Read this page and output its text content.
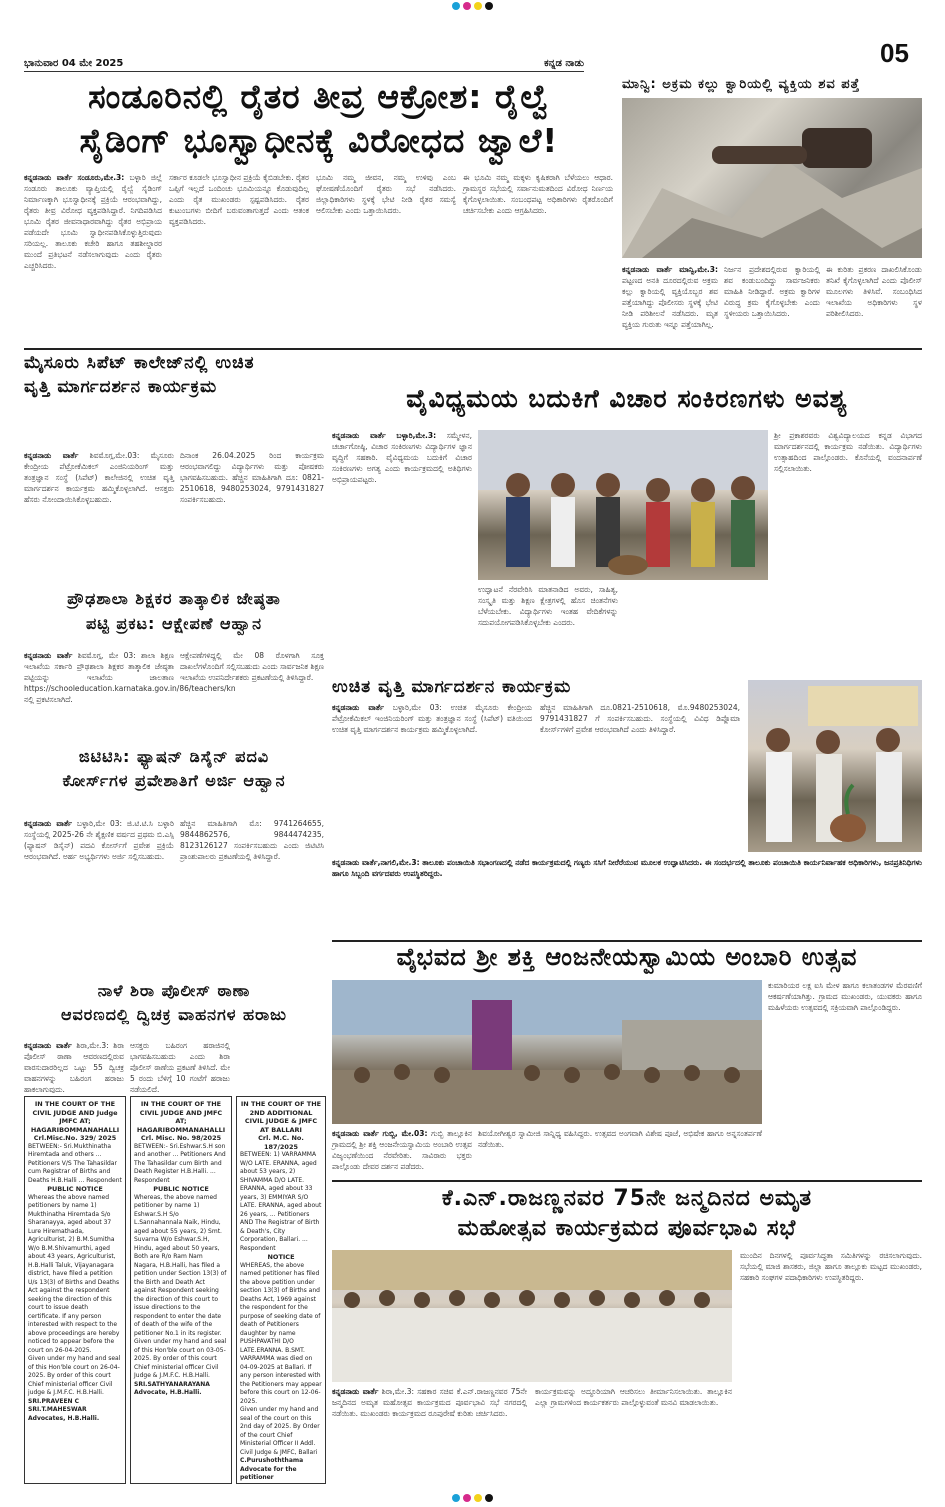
ಭಾನುವಾರ 04 ಮೇ 2025	ಕನ್ನಡ ನಾಡು	05
ಸಂಡೂರಿನಲ್ಲಿ ರೈತರ ತೀವ್ರ ಆಕ್ರೋಶ: ರೈಲ್ವೆ
ಸೈಡಿಂಗ್ ಭೂಸ್ವಾಧೀನಕ್ಕೆ ವಿರೋಧದ ಜ್ವಾಲೆ!
ಕನ್ನಡನಾಡು ವಾರ್ತೆ ಸಂಡೂರು,ಮೇ.3: ಬಳ್ಳಾರಿ ಜಿಲ್ಲೆ ಸಂಡೂರು ತಾಲೂಕು ವ್ಯಾಪ್ತಿಯಲ್ಲಿ ರೈಲ್ವೆ ಸೈಡಿಂಗ್ ನಿರ್ಮಾಣಕ್ಕಾಗಿ ಭೂಸ್ವಾಧೀನಕ್ಕೆ ಪ್ರಕ್ರಿಯೆ ಆರಂಭವಾಗಿದ್ದು, ರೈತರು ತೀವ್ರ ವಿರೋಧ ವ್ಯಕ್ತಪಡಿಸಿದ್ದಾರೆ. ನಿಗದಿಪಡಿಸಿದ ಭೂಮಿ ರೈತರ ಜೀವನಾಧಾರವಾಗಿದ್ದು ರೈತರ ಅಭಿಪ್ರಾಯ ಪಡೆಯದೇ ಭೂಮಿ ಸ್ವಾಧೀನಪಡಿಸಿಕೊಳ್ಳುತ್ತಿರುವುದು ಸರಿಯಲ್ಲ. ತಾಲೂಕು ಕಚೇರಿ ಹಾಗೂ ತಹಶೀಲ್ದಾರರ ಮುಂದೆ ಪ್ರತಿಭಟನೆ ನಡೆಸಲಾಗುವುದು ಎಂದು ರೈತರು ಎಚ್ಚರಿಸಿದರು.
ಸರ್ಕಾರ ಕೂಡಲೇ ಭೂಸ್ವಾಧೀನ ಪ್ರಕ್ರಿಯೆ ಕೈಬಿಡಬೇಕು. ರೈತರ ಒಪ್ಪಿಗೆ ಇಲ್ಲದೆ ಒಂದಿಂಚು ಭೂಮಿಯನ್ನೂ ಕೊಡುವುದಿಲ್ಲ ಎಂದು ರೈತ ಮುಖಂಡರು ಸ್ಪಷ್ಟಪಡಿಸಿದರು. ರೈತರ ಕುಟುಂಬಗಳು ಬೀದಿಗೆ ಬರುವಂತಾಗುತ್ತದೆ ಎಂದು ಆತಂಕ ವ್ಯಕ್ತಪಡಿಸಿದರು.
ಭೂಮಿ ನಮ್ಮ ಜೀವನ, ನಮ್ಮ ಉಳಿವು ಎಂಬ ಘೋಷಣೆಯೊಂದಿಗೆ ರೈತರು ಸಭೆ ನಡೆಸಿದರು. ಜಿಲ್ಲಾಧಿಕಾರಿಗಳು ಸ್ಥಳಕ್ಕೆ ಭೇಟಿ ನೀಡಿ ರೈತರ ಸಮಸ್ಯೆ ಆಲಿಸಬೇಕು ಎಂದು ಒತ್ತಾಯಿಸಿದರು.
ಈ ಭೂಮಿ ನಮ್ಮ ಮಕ್ಕಳು ಕೃಷಿಕರಾಗಿ ಬೆಳೆಯಲು ಆಧಾರ. ಗ್ರಾಮಸ್ಥರ ಸಭೆಯಲ್ಲಿ ಸರ್ವಾನುಮತದಿಂದ ವಿರೋಧ ನಿರ್ಣಯ ಕೈಗೊಳ್ಳಲಾಯಿತು. ಸಂಬಂಧಪಟ್ಟ ಅಧಿಕಾರಿಗಳು ರೈತರೊಂದಿಗೆ ಚರ್ಚಿಸಬೇಕು ಎಂದು ಆಗ್ರಹಿಸಿದರು.
ಮಾನ್ವಿ: ಅಕ್ರಮ ಕಲ್ಲು ಕ್ವಾರಿಯಲ್ಲಿ ವ್ಯಕ್ತಿಯ ಶವ ಪತ್ತೆ
ಕನ್ನಡನಾಡು ವಾರ್ತೆ ಮಾನ್ವಿ,ಮೇ.3: ಪಟ್ಟಣದ ಅನತಿ ದೂರದಲ್ಲಿರುವ ಅಕ್ರಮ ಕಲ್ಲು ಕ್ವಾರಿಯಲ್ಲಿ ವ್ಯಕ್ತಿಯೊಬ್ಬರ ಶವ ಪತ್ತೆಯಾಗಿದ್ದು ಪೊಲೀಸರು ಸ್ಥಳಕ್ಕೆ ಭೇಟಿ ನೀಡಿ ಪರಿಶೀಲನೆ ನಡೆಸಿದರು. ಮೃತ ವ್ಯಕ್ತಿಯ ಗುರುತು ಇನ್ನೂ ಪತ್ತೆಯಾಗಿಲ್ಲ.
ನಿರ್ಜನ ಪ್ರದೇಶದಲ್ಲಿರುವ ಕ್ವಾರಿಯಲ್ಲಿ ಶವ ಕಂಡುಬಂದಿದ್ದು ಸಾರ್ವಜನಿಕರು ಮಾಹಿತಿ ನೀಡಿದ್ದಾರೆ. ಅಕ್ರಮ ಕ್ವಾರಿಗಳ ವಿರುದ್ಧ ಕ್ರಮ ಕೈಗೊಳ್ಳಬೇಕು ಎಂದು ಸ್ಥಳೀಯರು ಒತ್ತಾಯಿಸಿದರು.
ಈ ಕುರಿತು ಪ್ರಕರಣ ದಾಖಲಿಸಿಕೊಂಡು ತನಿಖೆ ಕೈಗೊಳ್ಳಲಾಗಿದೆ ಎಂದು ಪೊಲೀಸ್ ಮೂಲಗಳು ತಿಳಿಸಿವೆ. ಸಂಬಂಧಿಸಿದ ಇಲಾಖೆಯ ಅಧಿಕಾರಿಗಳು ಸ್ಥಳ ಪರಿಶೀಲಿಸಿದರು.
ಮೈಸೂರು ಸಿಪೆಟ್ ಕಾಲೇಜ್‌ನಲ್ಲಿ ಉಚಿತ
ವೃತ್ತಿ ಮಾರ್ಗದರ್ಶನ ಕಾರ್ಯಕ್ರಮ
ಕನ್ನಡನಾಡು ವಾರ್ತೆ ಶಿವಮೊಗ್ಗ,ಮೇ.03: ಮೈಸೂರು ಕೇಂದ್ರೀಯ ಪೆಟ್ರೋಕೆಮಿಕಲ್ ಎಂಜಿನಿಯರಿಂಗ್ ಮತ್ತು ತಂತ್ರಜ್ಞಾನ ಸಂಸ್ಥೆ (ಸಿಪೆಟ್) ಕಾಲೇಜಿನಲ್ಲಿ ಉಚಿತ ವೃತ್ತಿ ಮಾರ್ಗದರ್ಶನ ಕಾರ್ಯಕ್ರಮ ಹಮ್ಮಿಕೊಳ್ಳಲಾಗಿದೆ. ಆಸಕ್ತರು ಹೆಸರು ನೋಂದಾಯಿಸಿಕೊಳ್ಳಬಹುದು.
ದಿನಾಂಕ 26.04.2025 ರಿಂದ ಕಾರ್ಯಕ್ರಮ ಆರಂಭವಾಗಲಿದ್ದು ವಿದ್ಯಾರ್ಥಿಗಳು ಮತ್ತು ಪೋಷಕರು ಭಾಗವಹಿಸಬಹುದು. ಹೆಚ್ಚಿನ ಮಾಹಿತಿಗಾಗಿ ದೂ: 0821-2510618, 9480253024, 9791431827 ಸಂಪರ್ಕಿಸಬಹುದು.
ಪ್ರೌಢಶಾಲಾ ಶಿಕ್ಷಕರ ತಾತ್ಕಾಲಿಕ ಜೇಷ್ಠತಾ
ಪಟ್ಟಿ ಪ್ರಕಟ: ಆಕ್ಷೇಪಣೆ ಆಹ್ವಾನ
ಕನ್ನಡನಾಡು ವಾರ್ತೆ ಶಿವಮೊಗ್ಗ, ಮೇ 03: ಶಾಲಾ ಶಿಕ್ಷಣ ಇಲಾಖೆಯ ಸರ್ಕಾರಿ ಪ್ರೌಢಶಾಲಾ ಶಿಕ್ಷಕರ ತಾತ್ಕಾಲಿಕ ಜೇಷ್ಠತಾ ಪಟ್ಟಿಯನ್ನು ಇಲಾಖೆಯ ಜಾಲತಾಣ https://schooleducation.karnataka.gov.in/86/teachers/kn ನಲ್ಲಿ ಪ್ರಕಟಿಸಲಾಗಿದೆ.
ಆಕ್ಷೇಪಣೆಗಳಿದ್ದಲ್ಲಿ ಮೇ 08 ರೊಳಗಾಗಿ ಸೂಕ್ತ ದಾಖಲೆಗಳೊಂದಿಗೆ ಸಲ್ಲಿಸಬಹುದು ಎಂದು ಸಾರ್ವಜನಿಕ ಶಿಕ್ಷಣ ಇಲಾಖೆಯ ಉಪನಿರ್ದೇಶಕರು ಪ್ರಕಟಣೆಯಲ್ಲಿ ತಿಳಿಸಿದ್ದಾರೆ.
ಜಿಟಿಟಿಸಿ: ಫ್ಯಾಷನ್ ಡಿಸೈನ್ ಪದವಿ
ಕೋರ್ಸ್‌ಗಳ ಪ್ರವೇಶಾತಿಗೆ ಅರ್ಜಿ ಆಹ್ವಾನ
ಕನ್ನಡನಾಡು ವಾರ್ತೆ ಬಳ್ಳಾರಿ,ಮೇ 03: ಜಿ.ಟಿ.ಟಿ.ಸಿ ಬಳ್ಳಾರಿ ಸಂಸ್ಥೆಯಲ್ಲಿ 2025-26 ನೇ ಶೈಕ್ಷಣಿಕ ವರ್ಷದ ಪ್ರಥಮ ಬಿ.ಎಸ್ಸಿ (ಫ್ಯಾಷನ್ ಡಿಸೈನ್) ಪದವಿ ಕೋರ್ಸ್‌ಗೆ ಪ್ರವೇಶ ಪ್ರಕ್ರಿಯೆ ಆರಂಭವಾಗಿದೆ. ಅರ್ಹ ಅಭ್ಯರ್ಥಿಗಳು ಅರ್ಜಿ ಸಲ್ಲಿಸಬಹುದು.
ಹೆಚ್ಚಿನ ಮಾಹಿತಿಗಾಗಿ ಮೊ: 9741264655, 9844862576, 9844474235, 8123126127 ಸಂಪರ್ಕಿಸಬಹುದು ಎಂದು ಜಿಟಿಟಿಸಿ ಪ್ರಾಂಶುಪಾಲರು ಪ್ರಕಟಣೆಯಲ್ಲಿ ತಿಳಿಸಿದ್ದಾರೆ.
ವೈವಿಧ್ಯಮಯ ಬದುಕಿಗೆ ವಿಚಾರ ಸಂಕಿರಣಗಳು ಅವಶ್ಯ
ಕನ್ನಡನಾಡು ವಾರ್ತೆ ಬಳ್ಳಾರಿ,ಮೇ.3: ಸಮ್ಮೇಳನ, ಚರ್ಚಾಗೋಷ್ಠಿ, ವಿಚಾರ ಸಂಕಿರಣಗಳು ವಿದ್ಯಾರ್ಥಿಗಳ ಜ್ಞಾನ ವೃದ್ಧಿಗೆ ಸಹಕಾರಿ. ವೈವಿಧ್ಯಮಯ ಬದುಕಿಗೆ ವಿಚಾರ ಸಂಕಿರಣಗಳು ಅಗತ್ಯ ಎಂದು ಕಾರ್ಯಕ್ರಮದಲ್ಲಿ ಅತಿಥಿಗಳು ಅಭಿಪ್ರಾಯಪಟ್ಟರು.
ಉದ್ಘಾಟನೆ ನೆರವೇರಿಸಿ ಮಾತನಾಡಿದ ಅವರು, ಸಾಹಿತ್ಯ, ಸಂಸ್ಕೃತಿ ಮತ್ತು ಶಿಕ್ಷಣ ಕ್ಷೇತ್ರಗಳಲ್ಲಿ ಹೊಸ ಚಿಂತನೆಗಳು ಬೆಳೆಯಬೇಕು. ವಿದ್ಯಾರ್ಥಿಗಳು ಇಂತಹ ವೇದಿಕೆಗಳನ್ನು ಸದುಪಯೋಗಪಡಿಸಿಕೊಳ್ಳಬೇಕು ಎಂದರು.
ಶ್ರೀ ಪ್ರಕಾಶರವರು ವಿಶ್ವವಿದ್ಯಾಲಯದ ಕನ್ನಡ ವಿಭಾಗದ ಮಾರ್ಗದರ್ಶನದಲ್ಲಿ ಕಾರ್ಯಕ್ರಮ ನಡೆಯಿತು. ವಿದ್ಯಾರ್ಥಿಗಳು ಉತ್ಸಾಹದಿಂದ ಪಾಲ್ಗೊಂಡರು. ಕೊನೆಯಲ್ಲಿ ವಂದನಾರ್ಪಣೆ ಸಲ್ಲಿಸಲಾಯಿತು.
ಉಚಿತ ವೃತ್ತಿ ಮಾರ್ಗದರ್ಶನ ಕಾರ್ಯಕ್ರಮ
ಕನ್ನಡನಾಡು ವಾರ್ತೆ ಬಳ್ಳಾರಿ,ಮೇ 03: ಉಚಿತ ಮೈಸೂರು ಕೇಂದ್ರೀಯ ಪೆಟ್ರೋಕೆಮಿಕಲ್ ಇಂಜಿನಿಯರಿಂಗ್ ಮತ್ತು ತಂತ್ರಜ್ಞಾನ ಸಂಸ್ಥೆ (ಸಿಪೆಟ್) ವತಿಯಿಂದ ಉಚಿತ ವೃತ್ತಿ ಮಾರ್ಗದರ್ಶನ ಕಾರ್ಯಕ್ರಮ ಹಮ್ಮಿಕೊಳ್ಳಲಾಗಿದೆ.
ಹೆಚ್ಚಿನ ಮಾಹಿತಿಗಾಗಿ ದೂ.0821-2510618, ಮೊ.9480253024, 9791431827 ಗೆ ಸಂಪರ್ಕಿಸಬಹುದು. ಸಂಸ್ಥೆಯಲ್ಲಿ ವಿವಿಧ ಡಿಪ್ಲೊಮಾ ಕೋರ್ಸ್‌ಗಳಿಗೆ ಪ್ರವೇಶ ಆರಂಭವಾಗಿದೆ ಎಂದು ತಿಳಿಸಿದ್ದಾರೆ.
ಕನ್ನಡನಾಡು ವಾರ್ತೆ,ನಾಗಲಿ,ಮೇ.3: ತಾಲೂಕು ಪಂಚಾಯಿತಿ ಸಭಾಂಗಣದಲ್ಲಿ ನಡೆದ ಕಾರ್ಯಕ್ರಮದಲ್ಲಿ ಗಣ್ಯರು ಸಸಿಗೆ ನೀರೆರೆಯುವ ಮೂಲಕ ಉದ್ಘಾಟಿಸಿದರು. ಈ ಸಂದರ್ಭದಲ್ಲಿ ತಾಲೂಕು ಪಂಚಾಯಿತಿ ಕಾರ್ಯನಿರ್ವಾಹಕ ಅಧಿಕಾರಿಗಳು, ಜನಪ್ರತಿನಿಧಿಗಳು ಹಾಗೂ ಸಿಬ್ಬಂದಿ ವರ್ಗದವರು ಉಪಸ್ಥಿತರಿದ್ದರು.
ವೈಭವದ ಶ್ರೀ ಶಕ್ತಿ ಆಂಜನೇಯಸ್ವಾಮಿಯ ಅಂಬಾರಿ ಉತ್ಸವ
ಕನ್ನಡನಾಡು ವಾರ್ತೆ ಗುಬ್ಬಿ, ಮೇ.03: ಗುಬ್ಬಿ ತಾಲ್ಲೂಕಿನ ಗ್ರಾಮದಲ್ಲಿ ಶ್ರೀ ಶಕ್ತಿ ಆಂಜನೇಯಸ್ವಾಮಿಯ ಅಂಬಾರಿ ಉತ್ಸವ ವಿಜೃಂಭಣೆಯಿಂದ ನೆರವೇರಿತು. ಸಾವಿರಾರು ಭಕ್ತರು ಪಾಲ್ಗೊಂಡು ದೇವರ ದರ್ಶನ ಪಡೆದರು.
ಶಿವಯೋಗೀಶ್ವರ ಸ್ವಾಮೀಜಿ ಸಾನ್ನಿಧ್ಯ ವಹಿಸಿದ್ದರು. ಉತ್ಸವದ ಅಂಗವಾಗಿ ವಿಶೇಷ ಪೂಜೆ, ಅಭಿಷೇಕ ಹಾಗೂ ಅನ್ನಸಂತರ್ಪಣೆ ನಡೆಯಿತು.
ಕುಮಾರಿಯರ ಲಕ್ಷ ಐಸಿ ಮೇಳ ಹಾಗೂ ಕಲಾತಂಡಗಳ ಮೆರವಣಿಗೆ ಆಕರ್ಷಣೆಯಾಗಿತ್ತು. ಗ್ರಾಮದ ಮುಖಂಡರು, ಯುವಕರು ಹಾಗೂ ಮಹಿಳೆಯರು ಉತ್ಸವದಲ್ಲಿ ಸಕ್ರಿಯವಾಗಿ ಪಾಲ್ಗೊಂಡಿದ್ದರು.
ನಾಳೆ ಶಿರಾ ಪೊಲೀಸ್ ಠಾಣಾ
ಆವರಣದಲ್ಲಿ ದ್ವಿಚಕ್ರ ವಾಹನಗಳ ಹರಾಜು
ಕನ್ನಡನಾಡು ವಾರ್ತೆ ಶಿರಾ,ಮೇ.3: ಶಿರಾ ಪೊಲೀಸ್ ಠಾಣಾ ಆವರಣದಲ್ಲಿರುವ ವಾರಸುದಾರರಿಲ್ಲದ ಒಟ್ಟು 55 ದ್ವಿಚಕ್ರ ವಾಹನಗಳನ್ನು ಬಹಿರಂಗ ಹರಾಜು ಹಾಕಲಾಗುವುದು.
ಆಸಕ್ತರು ಬಹಿರಂಗ ಹರಾಜಿನಲ್ಲಿ ಭಾಗವಹಿಸಬಹುದು ಎಂದು ಶಿರಾ ಪೊಲೀಸ್ ಠಾಣೆಯ ಪ್ರಕಟಣೆ ತಿಳಿಸಿದೆ. ಮೇ 5 ರಂದು ಬೆಳಿಗ್ಗೆ 10 ಗಂಟೆಗೆ ಹರಾಜು ನಡೆಯಲಿದೆ.
IN THE COURT OF THE CIVIL JUDGE AND Judge JMFC AT; HAGARIBOMMANAHALLI
Crl.Misc.No. 329/ 2025
BETWEEN:- Sri.Mukthinatha Hiremtada and others ... Petitioners V/S The Tahasildar cum Registrar of Births and Deaths H.B.Halli ... Respondent
PUBLIC NOTICE
Whereas the above named petitioners by name 1) Mukthinatha Hiremtada S/o Sharanayya, aged about 37 Lure Hiremathada, Agriculturist, 2) B.M.Sumitha W/o B.M.Shivamurthi, aged about 43 years, Agriculturist, H.B.Halli Taluk, Vijayanagara district, have filed a petition U/s 13(3) of Births and Deaths Act against the respondent seeking the direction of this court to issue death certificate. If any person interested with respect to the above proceedings are hereby noticed to appear before the court on 26-04-2025.
Given under my hand and seal of this Hon'ble court on 26-04-2025. By order of this court Chief ministerial officer Civil judge & J.M.F.C. H.B.Halli.
SRI.PRAVEEN C SRI.T.MAHESWAR Advocates, H.B.Halli.
IN THE COURT OF THE CIVIL JUDGE AND JMFC AT; HAGARIBOMMANAHALLI
Crl. Misc. No. 98/2025
BETWEEN:- Sri.Eshwar.S.H son and another ... Petitioners And The Tahasildar cum Birth and Death Register H.B.Halli. ... Respondent
PUBLIC NOTICE
Whereas, the above named petitioner by name 1) Eshwar.S.H S/o L.Sannahannala Naik, Hindu, aged about 55 years, 2) Smt. Suvarna W/o Eshwar.S.H, Hindu, aged about 50 years, Both are R/o Ram Nam Nagara, H.B.Halli, has filed a petition under Section 13(3) of the Birth and Death Act against Respondent seeking the direction of this court to issue directions to the respondent to enter the date of death of the wife of the petitioner No.1 in its register.
Given under my hand and seal of this Hon'ble court on 03-05-2025. By order of this court Chief ministerial officer Civil Judge & J.M.F.C. H.B.Halli.
SRI.SATHYANARAYANA Advocate, H.B.Halli.
IN THE COURT OF THE 2ND ADDITIONAL CIVIL JUDGE & JMFC AT BALLARI
Crl. M.C. No. 187/2025
BETWEEN: 1) VARRAMMA W/O LATE. ERANNA, aged about 53 years, 2) SHIVAMMA D/O LATE. ERANNA, aged about 33 years, 3) EMMIYAR S/O LATE. ERANNA, aged about 26 years, ... Petitioners AND The Registrar of Birth & Death's, City Corporation, Ballari. ... Respondent
NOTICE
WHEREAS, the above named petitioner has filed the above petition under section 13(3) of Births and Deaths Act, 1969 against the respondent for the purpose of seeking date of death of Petitioners daughter by name PUSHPAVATHI D/O LATE.ERANNA. B.SMT. VARRAMMA was died on 04-09-2025 at Ballari. If any person interested with the Petitioners may appear before this court on 12-06-2025.
Given under my hand and seal of the court on this 2nd day of 2025. By Order of the court Chief Ministerial Officer II Addl. Civil Judge & JMFC, Ballari
C.Purushoththama Advocate for the petitioner
ಕೆ.ಎನ್.ರಾಜಣ್ಣನವರ 75ನೇ ಜನ್ಮದಿನದ ಅಮೃತ
ಮಹೋತ್ಸವ ಕಾರ್ಯಕ್ರಮದ ಪೂರ್ವಭಾವಿ ಸಭೆ
ಕನ್ನಡನಾಡು ವಾರ್ತೆ ಶಿರಾ,ಮೇ.3: ಸಹಕಾರ ಸಚಿವ ಕೆ.ಎನ್.ರಾಜಣ್ಣನವರ 75ನೇ ಜನ್ಮದಿನದ ಅಮೃತ ಮಹೋತ್ಸವ ಕಾರ್ಯಕ್ರಮದ ಪೂರ್ವಭಾವಿ ಸಭೆ ನಗರದಲ್ಲಿ ನಡೆಯಿತು. ಮುಖಂಡರು ಕಾರ್ಯಕ್ರಮದ ರೂಪುರೇಷೆ ಕುರಿತು ಚರ್ಚಿಸಿದರು.
ಕಾರ್ಯಕ್ರಮವನ್ನು ಅದ್ಧೂರಿಯಾಗಿ ಆಚರಿಸಲು ತೀರ್ಮಾನಿಸಲಾಯಿತು. ತಾಲ್ಲೂಕಿನ ಎಲ್ಲಾ ಗ್ರಾಮಗಳಿಂದ ಕಾರ್ಯಕರ್ತರು ಪಾಲ್ಗೊಳ್ಳುವಂತೆ ಮನವಿ ಮಾಡಲಾಯಿತು.
ಮುಂದಿನ ದಿನಗಳಲ್ಲಿ ಪೂರ್ವಸಿದ್ಧತಾ ಸಮಿತಿಗಳನ್ನು ರಚಿಸಲಾಗುವುದು. ಸಭೆಯಲ್ಲಿ ಮಾಜಿ ಶಾಸಕರು, ಜಿಲ್ಲಾ ಹಾಗೂ ತಾಲ್ಲೂಕು ಮಟ್ಟದ ಮುಖಂಡರು, ಸಹಕಾರಿ ಸಂಘಗಳ ಪದಾಧಿಕಾರಿಗಳು ಉಪಸ್ಥಿತರಿದ್ದರು.
